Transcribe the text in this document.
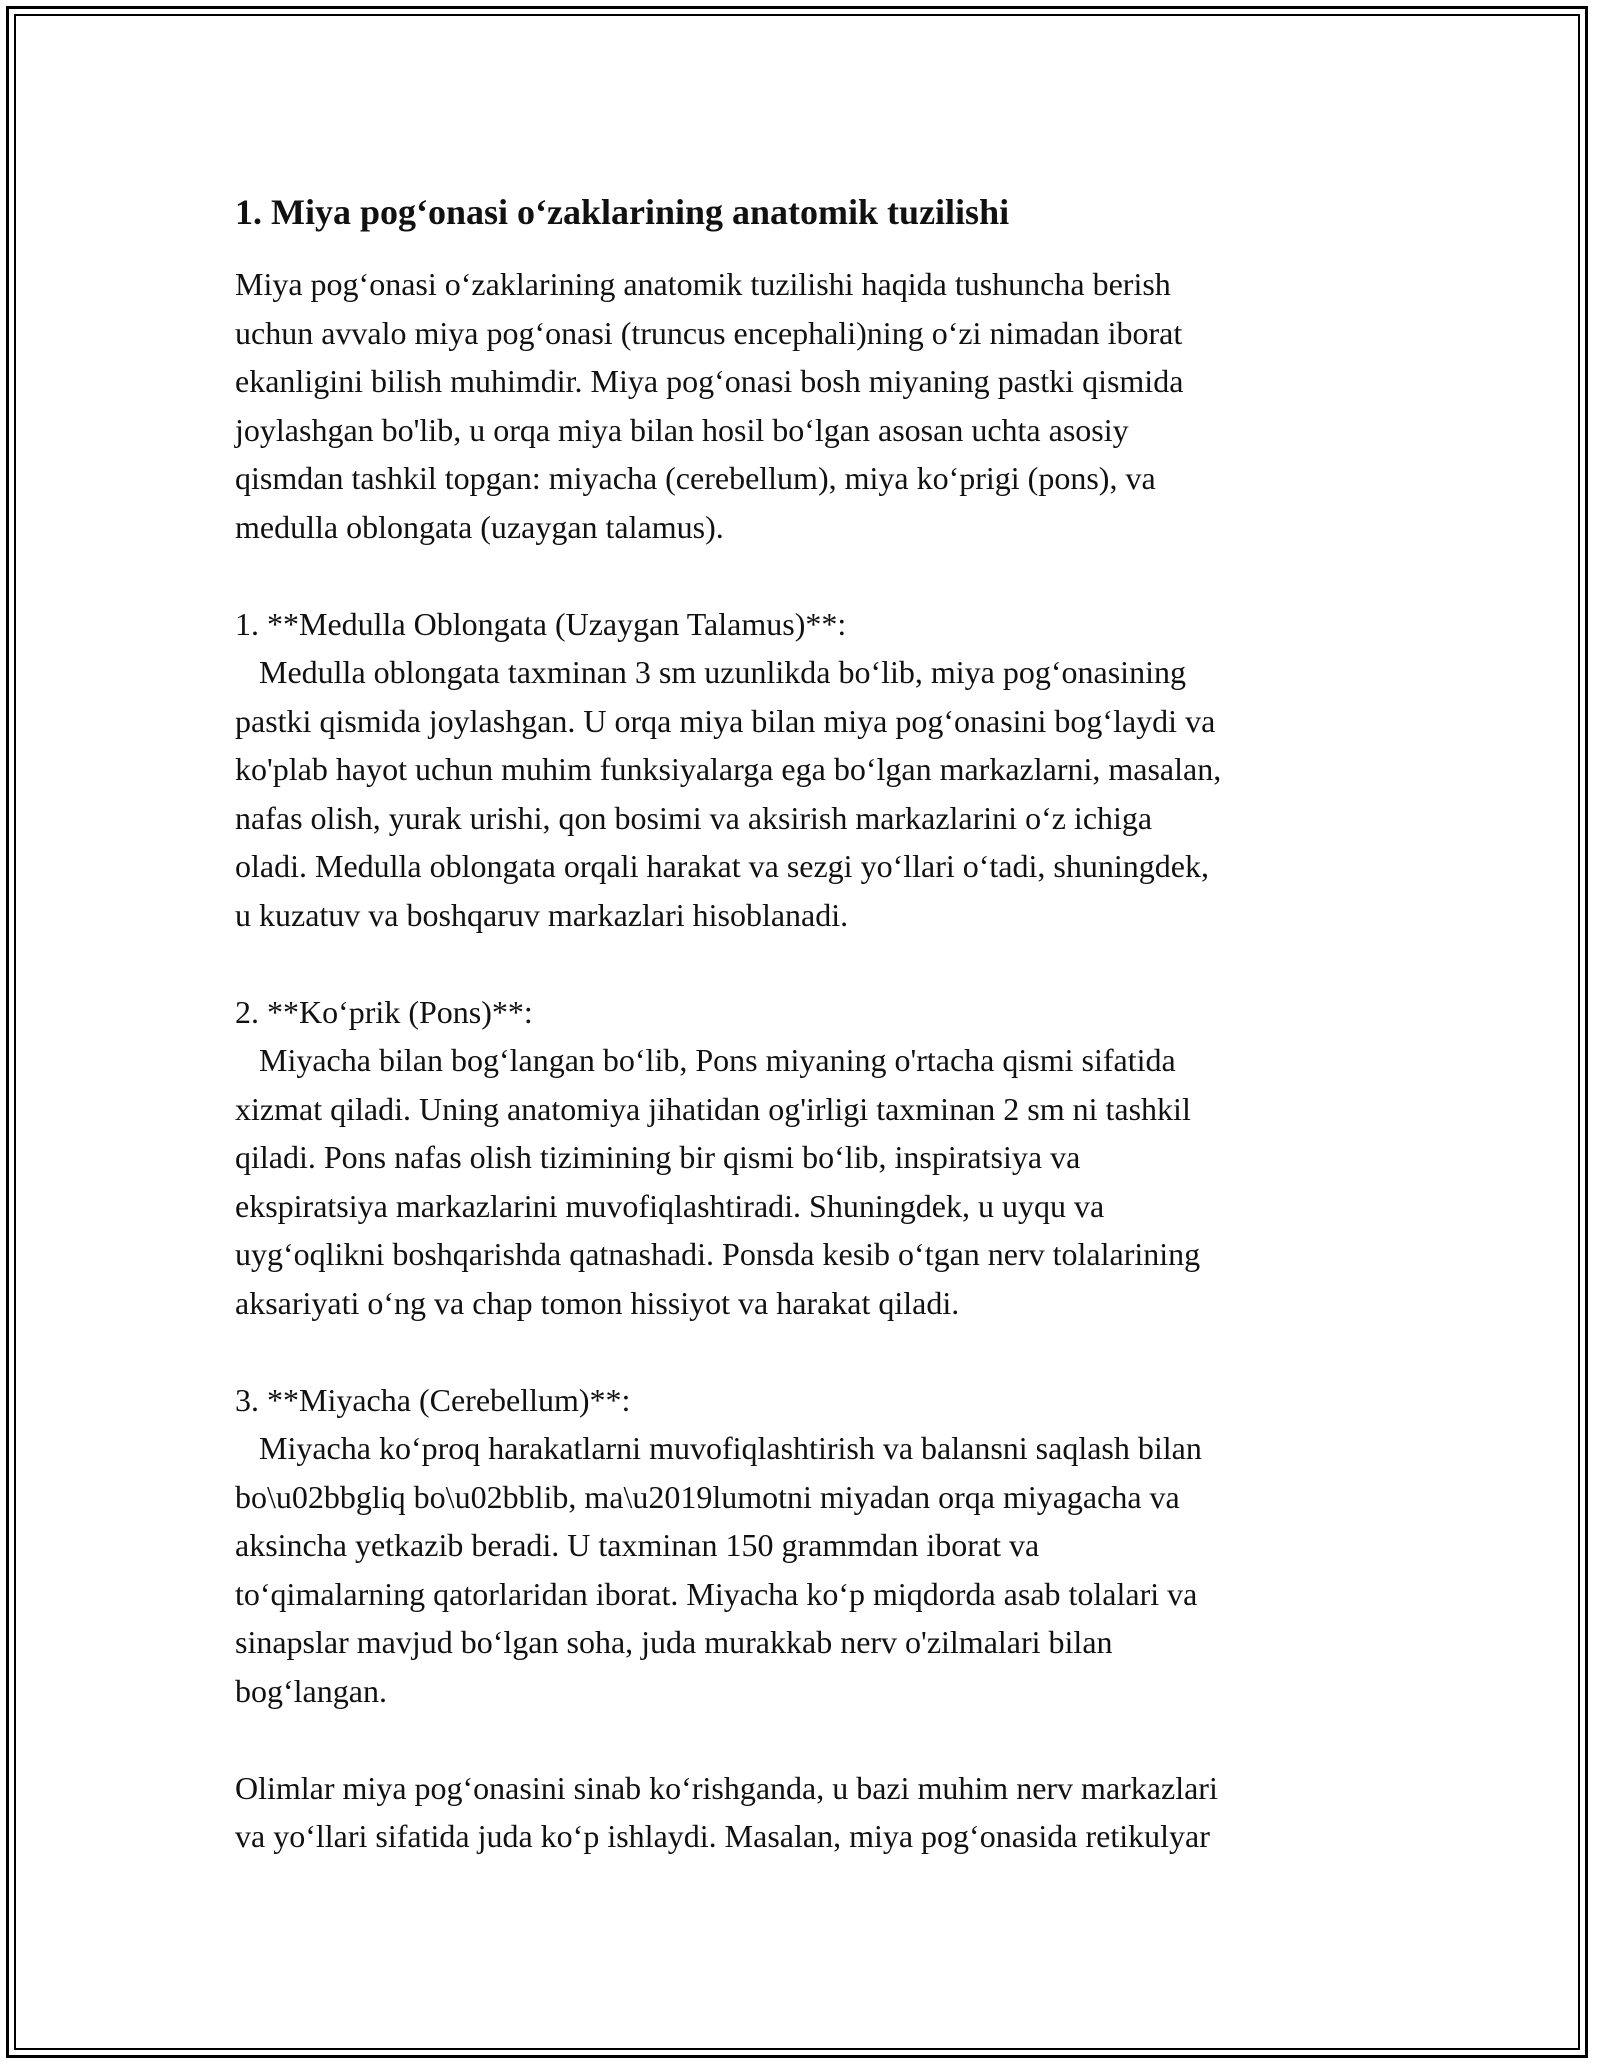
1. Miya pog‘onasi o‘zaklarining anatomik tuzilishi

Miya pog‘onasi o‘zaklarining anatomik tuzilishi haqida tushuncha berish

uchun avvalo miya pog‘onasi (truncus encephali)ning o‘zi nimadan iborat

ekanligini bilish muhimdir. Miya pog‘onasi bosh miyaning pastki qismida

joylashgan bo'lib, u orqa miya bilan hosil bo‘lgan asosan uchta asosiy

qismdan tashkil topgan: miyacha (cerebellum), miya ko‘prigi (pons), va

medulla oblongata (uzaygan talamus).

1. **Medulla Oblongata (Uzaygan Talamus)**:

Medulla oblongata taxminan 3 sm uzunlikda bo‘lib, miya pog‘onasining

pastki qismida joylashgan. U orqa miya bilan miya pog‘onasini bog‘laydi va

ko'plab hayot uchun muhim funksiyalarga ega bo‘lgan markazlarni, masalan,

nafas olish, yurak urishi, qon bosimi va aksirish markazlarini o‘z ichiga

oladi. Medulla oblongata orqali harakat va sezgi yo‘llari o‘tadi, shuningdek,

u kuzatuv va boshqaruv markazlari hisoblanadi.

2. **Ko‘prik (Pons)**:

Miyacha bilan bog‘langan bo‘lib, Pons miyaning o'rtacha qismi sifatida

xizmat qiladi. Uning anatomiya jihatidan og'irligi taxminan 2 sm ni tashkil

qiladi. Pons nafas olish tizimining bir qismi bo‘lib, inspiratsiya va

ekspiratsiya markazlarini muvofiqlashtiradi. Shuningdek, u uyqu va

uyg‘oqlikni boshqarishda qatnashadi. Ponsda kesib o‘tgan nerv tolalarining

aksariyati o‘ng va chap tomon hissiyot va harakat qiladi.

3. **Miyacha (Cerebellum)**:

Miyacha ko‘proq harakatlarni muvofiqlashtirish va balansni saqlash bilan

bo\u02bbgliq bo\u02bblib, ma\u2019lumotni miyadan orqa miyagacha va

aksincha yetkazib beradi. U taxminan 150 grammdan iborat va

to‘qimalarning qatorlaridan iborat. Miyacha ko‘p miqdorda asab tolalari va

sinapslar mavjud bo‘lgan soha, juda murakkab nerv o'zilmalari bilan

bog‘langan.

Olimlar miya pog‘onasini sinab ko‘rishganda, u bazi muhim nerv markazlari

va yo‘llari sifatida juda ko‘p ishlaydi. Masalan, miya pog‘onasida retikulyar
